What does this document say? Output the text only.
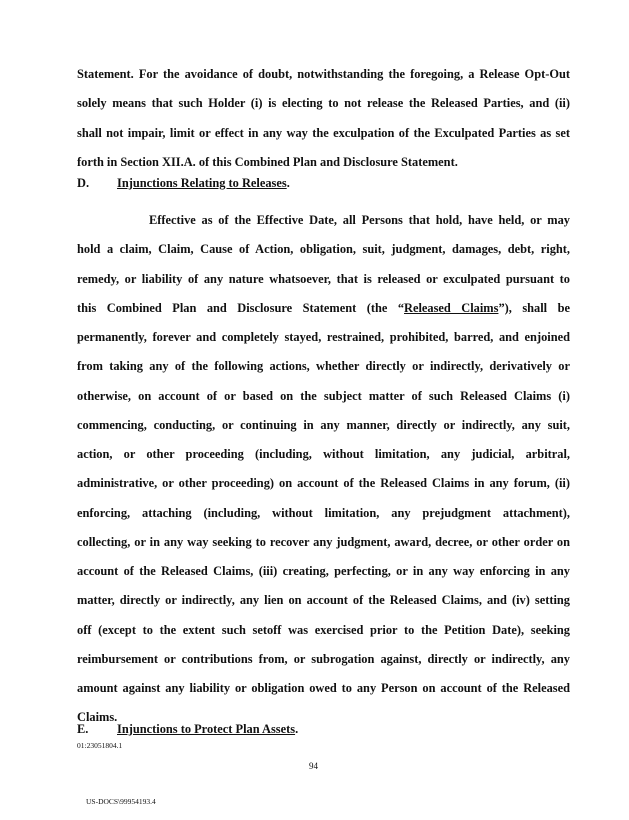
Statement. For the avoidance of doubt, notwithstanding the foregoing, a Release Opt-Out
solely means that such Holder (i) is electing to not release the Released Parties, and (ii)
shall not impair, limit or effect in any way the exculpation of the Exculpated Parties as set
forth in Section XII.A. of this Combined Plan and Disclosure Statement.
D. Injunctions Relating to Releases.
Effective as of the Effective Date, all Persons that hold, have held, or may
hold a claim, Claim, Cause of Action, obligation, suit, judgment, damages, debt, right,
remedy, or liability of any nature whatsoever, that is released or exculpated pursuant to
this Combined Plan and Disclosure Statement (the “Released Claims”), shall be
permanently, forever and completely stayed, restrained, prohibited, barred, and enjoined
from taking any of the following actions, whether directly or indirectly, derivatively or
otherwise, on account of or based on the subject matter of such Released Claims (i)
commencing, conducting, or continuing in any manner, directly or indirectly, any suit,
action, or other proceeding (including, without limitation, any judicial, arbitral,
administrative, or other proceeding) on account of the Released Claims in any forum, (ii)
enforcing, attaching (including, without limitation, any prejudgment attachment),
collecting, or in any way seeking to recover any judgment, award, decree, or other order on
account of the Released Claims, (iii) creating, perfecting, or in any way enforcing in any
matter, directly or indirectly, any lien on account of the Released Claims, and (iv) setting
off (except to the extent such setoff was exercised prior to the Petition Date), seeking
reimbursement or contributions from, or subrogation against, directly or indirectly, any
amount against any liability or obligation owed to any Person on account of the Released
Claims.
E. Injunctions to Protect Plan Assets.
01:23051804.1
94
US-DOCS\99954193.4
